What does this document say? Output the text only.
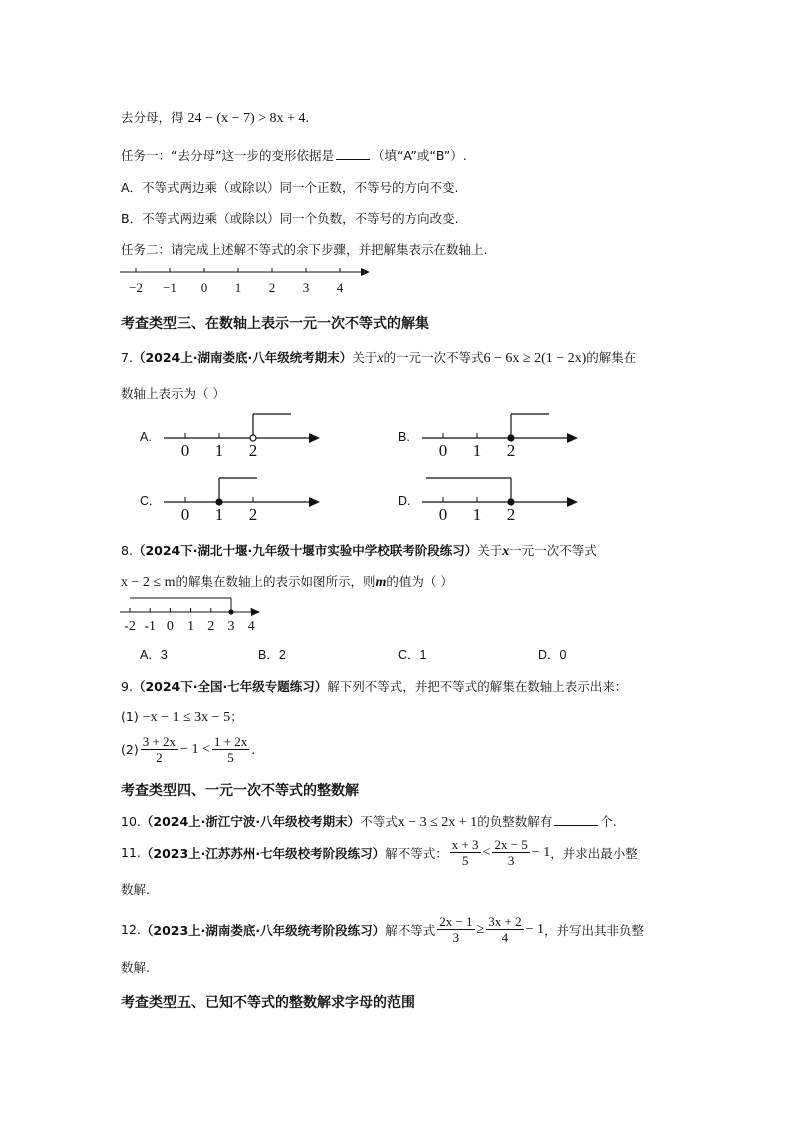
去分母，得 24 − (x − 7) > 8x + 4.
任务一：“去分母”这一步的变形依据是	（填“A”或“B”）.
A．不等式两边乘（或除以）同一个正数，不等号的方向不变.
B．不等式两边乘（或除以）同一个负数，不等号的方向改变.
任务二：请完成上述解不等式的余下步骤，并把解集表示在数轴上.
−2 −1 0 1 2 3 4
考查类型三、在数轴上表示一元一次不等式的解集
7.（2024上·湖南娄底·八年级统考期末）关于x的一元一次不等式6 − 6x ≥ 2(1 − 2x)的解集在
数轴上表示为（ ）
A.
0 1 2
B.
0 1 2
C.
0 1 2
D.
0 1 2
8.（2024下·湖北十堰·九年级十堰市实验中学校联考阶段练习）关于x一元一次不等式
x − 2 ≤ m的解集在数轴上的表示如图所示，则m的值为（ ）
-2 -1 0 1 2 3 4
A．3	B．2	C．1	D．0
9.（2024下·全国·七年级专题练习）解下列不等式，并把不等式的解集在数轴上表示出来：
(1) −x − 1 ≤ 3x − 5；
$(2) \frac{3 + 2x}{2} - 1 < \frac{1 + 2x}{5}$ .
考查类型四、一元一次不等式的整数解
10.（2024上·浙江宁波·八年级校考期末）不等式x − 3 ≤ 2x + 1的负整数解有	个.
11. （2023上·江苏苏州·七年级校考阶段练习） 解不等式： $\frac{x + 3}{5} < \frac{2x - 5}{3} - 1$ ，并求出最小整
数解.
12. （2023上·湖南娄底·八年级统考阶段练习） 解不等式 $\frac{2x - 1}{3} \ge \frac{3x + 2}{4} - 1$ ，并写出其非负整
数解.
考查类型五、已知不等式的整数解求字母的范围
